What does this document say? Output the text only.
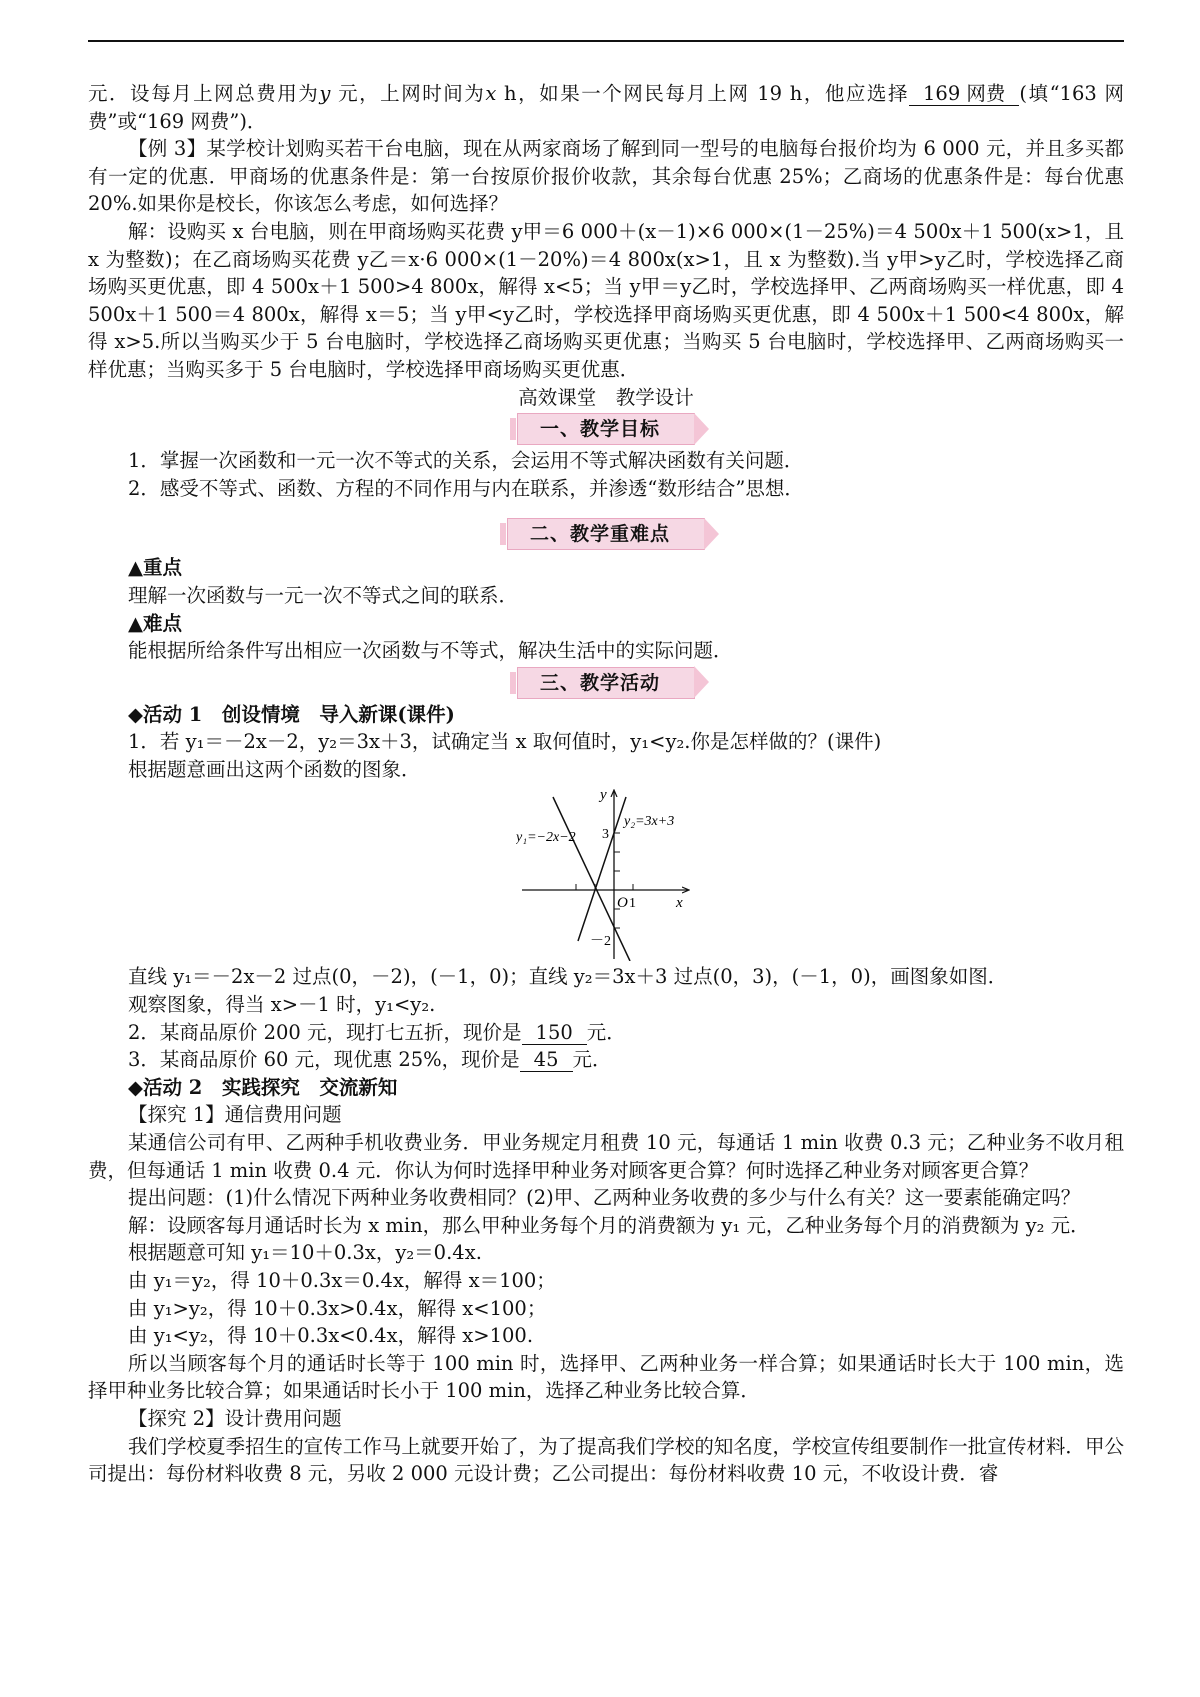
元．设每月上网总费用为y 元，上网时间为x h，如果一个网民每月上网 19 h，他应选择 169 网费 (填“163 网费”或“169 网费”)．

【例 3】某学校计划购买若干台电脑，现在从两家商场了解到同一型号的电脑每台报价均为 6 000 元，并且多买都有一定的优惠．甲商场的优惠条件是：第一台按原价报价收款，其余每台优惠 25%；乙商场的优惠条件是：每台优惠 20%.如果你是校长，你该怎么考虑，如何选择？

解：设购买 x 台电脑，则在甲商场购买花费 y甲＝6 000＋(x－1)×6 000×(1－25%)＝4 500x＋1 500(x>1，且 x 为整数)；在乙商场购买花费 y乙＝x·6 000×(1－20%)＝4 800x(x>1，且 x 为整数).当 y甲>y乙时，学校选择乙商场购买更优惠，即 4 500x＋1 500>4 800x，解得 x<5；当 y甲＝y乙时，学校选择甲、乙两商场购买一样优惠，即 4 500x＋1 500＝4 800x，解得 x＝5；当 y甲<y乙时，学校选择甲商场购买更优惠，即 4 500x＋1 500<4 800x，解得 x>5.所以当购买少于 5 台电脑时，学校选择乙商场购买更优惠；当购买 5 台电脑时，学校选择甲、乙两商场购买一样优惠；当购买多于 5 台电脑时，学校选择甲商场购买更优惠．

高效课堂　教学设计

一、教学目标

1．掌握一次函数和一元一次不等式的关系，会运用不等式解决函数有关问题．

2．感受不等式、函数、方程的不同作用与内在联系，并渗透“数形结合”思想．

二、教学重难点

▲重点

理解一次函数与一元一次不等式之间的联系．

▲难点

能根据所给条件写出相应一次函数与不等式，解决生活中的实际问题．

三、教学活动

◆活动 1　创设情境　导入新课(课件)

1．若 y₁＝－2x－2，y₂＝3x＋3，试确定当 x 取何值时，y₁<y₂.你是怎样做的？(课件)

根据题意画出这两个函数的图象．

y
x
O 1
3
－2
y₁=−2x−2
y₂=3x+3

直线 y₁＝－2x－2 过点(0，－2)，(－1，0)；直线 y₂＝3x＋3 过点(0，3)，(－1，0)，画图象如图．

观察图象，得当 x>－1 时，y₁<y₂.

2．某商品原价 200 元，现打七五折，现价是 150 元．

3．某商品原价 60 元，现优惠 25%，现价是 45 元．

◆活动 2　实践探究　交流新知

【探究 1】通信费用问题

某通信公司有甲、乙两种手机收费业务．甲业务规定月租费 10 元，每通话 1 min 收费 0.3 元；乙种业务不收月租费，但每通话 1 min 收费 0.4 元．你认为何时选择甲种业务对顾客更合算？何时选择乙种业务对顾客更合算？

提出问题：(1)什么情况下两种业务收费相同？(2)甲、乙两种业务收费的多少与什么有关？这一要素能确定吗？

解：设顾客每月通话时长为 x min，那么甲种业务每个月的消费额为 y₁ 元，乙种业务每个月的消费额为 y₂ 元．

根据题意可知 y₁＝10＋0.3x，y₂＝0.4x.

由 y₁＝y₂，得 10＋0.3x＝0.4x，解得 x＝100；

由 y₁>y₂，得 10＋0.3x>0.4x，解得 x<100；

由 y₁<y₂，得 10＋0.3x<0.4x，解得 x>100.

所以当顾客每个月的通话时长等于 100 min 时，选择甲、乙两种业务一样合算；如果通话时长大于 100 min，选择甲种业务比较合算；如果通话时长小于 100 min，选择乙种业务比较合算．

【探究 2】设计费用问题

我们学校夏季招生的宣传工作马上就要开始了，为了提高我们学校的知名度，学校宣传组要制作一批宣传材料．甲公司提出：每份材料收费 8 元，另收 2 000 元设计费；乙公司提出：每份材料收费 10 元，不收设计费．睿
